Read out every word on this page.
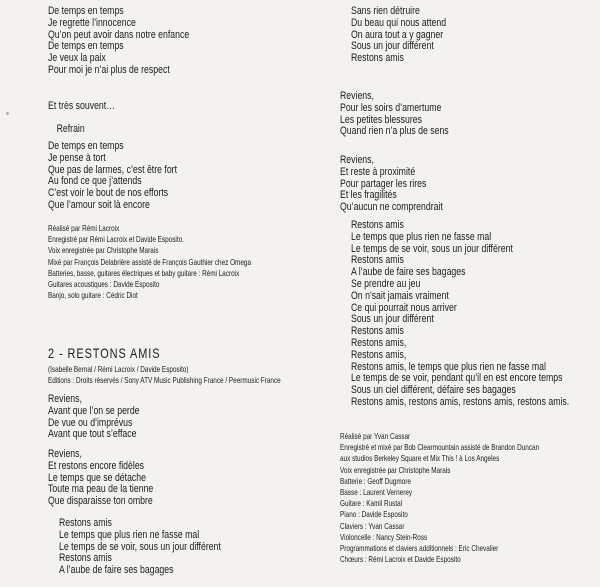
De temps en temps

Je regrette l’innocence

Qu’on peut avoir dans notre enfance

De temps en temps

Je veux la paix

Pour moi je n’ai plus de respect

Et très souvent…

Refrain

De temps en temps

Je pense à tort

Que pas de larmes, c’est être fort

Au fond ce que j’attends

C’est voir le bout de nos efforts

Que l’amour soit là encore

Réalisé par Rémi Lacroix

Enregistré par Rémi Lacroix et Davide Esposito.

Voix enregistrée par Christophe Marais

Mixé par François Delabrière assisté de François Gauthier chez Omega

Batteries, basse, guitares électriques et baby guitare : Rémi Lacroix

Guitares acoustiques : Davide Esposito

Banjo, solo guitare : Cédric Diot

2 - RESTONS AMIS

(Isabelle Bernal / Rémi Lacroix / Davide Esposito)

Editions : Droits réservés / Sony ATV Music Publishing France / Peermusic France

Reviens,

Avant que l’on se perde

De vue ou d’imprévus

Avant que tout s’efface

Reviens,

Et restons encore fidèles

Le temps que se détache

Toute ma peau de la tienne

Que disparaisse ton ombre

Restons amis

Le temps que plus rien ne fasse mal

Le temps de se voir, sous un jour différent

Restons amis

A l’aube de faire ses bagages

Sans rien détruire

Du beau qui nous attend

On aura tout a y gagner

Sous un jour différent

Restons amis

Reviens,

Pour les soirs d’amertume

Les petites blessures

Quand rien n’a plus de sens

Reviens,

Et reste à proximité

Pour partager les rires

Et les fragilités

Qu’aucun ne comprendrait

Restons amis

Le temps que plus rien ne fasse mal

Le temps de se voir, sous un jour différent

Restons amis

A l’aube de faire ses bagages

Se prendre au jeu

On n’sait jamais vraiment

Ce qui pourrait nous arriver

Sous un jour différent

Restons amis

Restons amis,

Restons amis,

Restons amis, le temps que plus rien ne fasse mal

Le temps de se voir, pendant qu’il en est encore temps

Sous un ciel différent, défaire ses bagages

Restons amis, restons amis, restons amis, restons amis.

Réalisé par Yvan Cassar

Enregistré et mixé par Bob Clearmountain assisté de Brandon Duncan

aux studios Berkeley Square et Mix This ! à Los Angeles

Voix enregistrée par Christophe Marais

Batterie : Geoff Dugmore

Basse : Laurent Vernerey

Guitare : Kamil Rustal

Piano : Davide Esposito

Claviers : Yvan Cassar

Violoncelle : Nancy Stein-Ross

Programmations et claviers additionnels : Eric Chevalier

Chœurs : Rémi Lacroix et Davide Esposito
